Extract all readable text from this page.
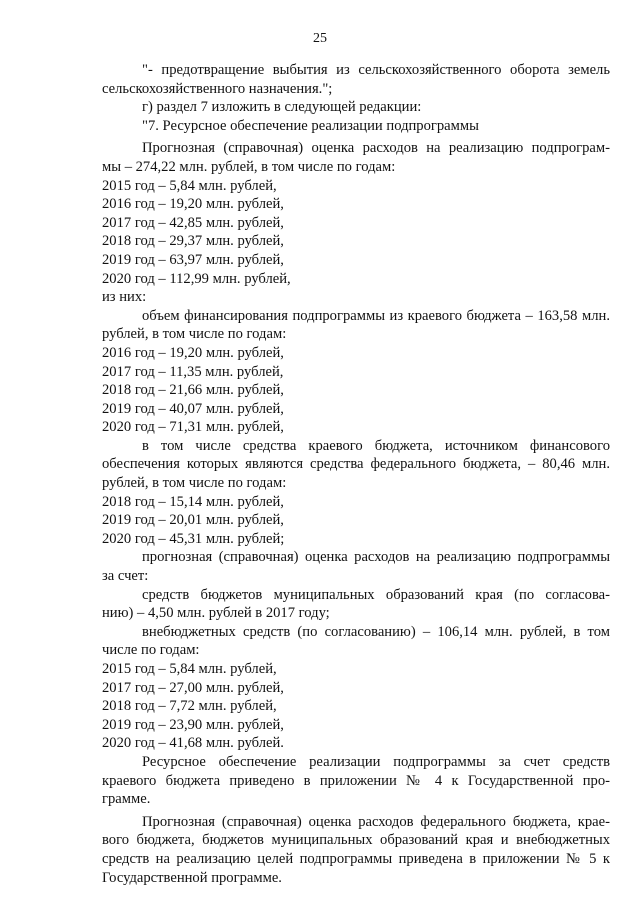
25

"- предотвращение выбытия из сельскохозяйственного оборота земель

сельскохозяйственного назначения.";

г) раздел 7 изложить в следующей редакции:

"7. Ресурсное обеспечение реализации подпрограммы

Прогнозная (справочная) оценка расходов на реализацию подпрограм-

мы – 274,22 млн. рублей, в том числе по годам:

2015 год – 5,84 млн. рублей,

2016 год – 19,20 млн. рублей,

2017 год – 42,85 млн. рублей,

2018 год – 29,37 млн. рублей,

2019 год – 63,97 млн. рублей,

2020 год – 112,99 млн. рублей,

из них:

объем финансирования подпрограммы из краевого бюджета – 163,58 млн.

рублей, в том числе по годам:

2016 год – 19,20 млн. рублей,

2017 год – 11,35 млн. рублей,

2018 год – 21,66 млн. рублей,

2019 год – 40,07 млн. рублей,

2020 год – 71,31 млн. рублей,

в том числе средства краевого бюджета, источником финансового

обеспечения которых являются средства федерального бюджета, – 80,46 млн.

рублей, в том числе по годам:

2018 год – 15,14 млн. рублей,

2019 год – 20,01 млн. рублей,

2020 год – 45,31 млн. рублей;

прогнозная (справочная) оценка расходов на реализацию подпрограммы

за счет:

средств бюджетов муниципальных образований края (по согласова-

нию) – 4,50 млн. рублей в 2017 году;

внебюджетных средств (по согласованию) – 106,14 млн. рублей, в том

числе по годам:

2015 год – 5,84 млн. рублей,

2017 год – 27,00 млн. рублей,

2018 год – 7,72 млн. рублей,

2019 год – 23,90 млн. рублей,

2020 год – 41,68 млн. рублей.

Ресурсное обеспечение реализации подпрограммы за счет средств

краевого бюджета приведено в приложении № 4 к Государственной про-

грамме.

Прогнозная (справочная) оценка расходов федерального бюджета, крае-

вого бюджета, бюджетов муниципальных образований края и внебюджетных

средств на реализацию целей подпрограммы приведена в приложении № 5 к

Государственной программе.
